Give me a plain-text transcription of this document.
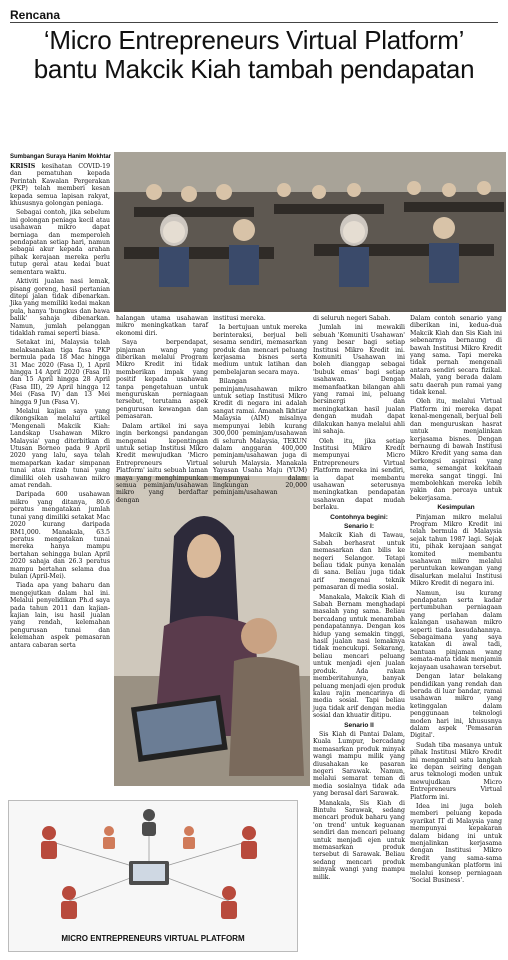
Rencana
‘Micro Entrepreneurs Virtual Platform’ bantu Makcik Kiah tambah pendapatan
Sumbangan Suraya Hanim Mokhtar

KRISIS kesihatan COVID-19 dan pematuhan kepada Perintah Kawalan Pergerakan (PKP) telah memberi kesan kepada semua lapisan rakyat, khususnya golongan peniaga.

Sebagai contoh, jika sebelum ini golongan peniaga kecil atau usahawan mikro dapat berniaga dan memperoleh pendapatan setiap hari, namun sebagai akur kepada arahan pihak kerajaan mereka perlu tutup gerai atau kedai buat sementara waktu.

Aktiviti jualan nasi lemak, pisang goreng, hasil pertanian ditepi jalan tidak dibenarkan. Jika yang memiliki kedai makan pula, hanya 'bungkus dan bawa balik' sahaja dibenarkan. Namun, jumlah pelanggan tidaklah ramai seperti biasa.

Setakat ini, Malaysia telah melaksanakan tiga fasa PKP bermula pada 18 Mac hingga 31 Mac 2020 (Fasa I), 1 April hingga 14 April 2020 (Fasa II) dan 15 April hingga 28 April (Fasa III), 29 April hingga 12 Mei (Fasa IV) dan 13 Mei hingga 9 Jun (Fasa V).

Melalui kajian saya yang dikongsikan melalui artikel 'Mengenali Makcik Kiah: Landskap Usahawan Mikro Malaysia' yang diterbitkan di Utusan Borneo pada 9 April 2020 yang lalu, saya telah memaparkan kadar simpanan tunai atau rizab tunai yang dimiliki oleh usahawan mikro amat rendah.

Daripada 600 usahawan mikro yang ditanya, 80.6 peratus mengatakan jumlah tunai yang dimiliki setakat Mac 2020 kurang daripada RM1,000. Manakala, 63.5 peratus mengatakan tunai mereka hanya mampu bertahan sehingga bulan April 2020 sahaja dan 26.3 peratus mampu bertahan selama dua bulan (April-Mei).

Tiada apa yang baharu dan mengejutkan dalam hal ini. Melalui penyelidikan Ph.d saya pada tahun 2011 dan kajian-kajian lain, isu hasil jualan yang rendah, kelemahan pengurusan tunai dan kelemahan aspek pemasaran antara cabaran serta

halangan utama usahawan mikro meningkatkan taraf ekonomi diri.

Saya berpendapat, pinjaman wang yang diberikan melalui Program Mikro Kredit ini tidak memberikan impak yang positif kepada usahawan tanpa pengetahuan untuk menguruskan perniagaan tersebut, terutama aspek pengurusan kewangan dan pemasaran.

Dalam artikel ini saya ingin berkongsi pandangan mengenai kepentingan untuk setiap Institusi Mikro Kredit mewujudkan 'Micro Entrepreneurs Virtual Platform' iaitu sebuah laman maya yang menghimpunkan semua peminjam/usahawan mikro yang berdaftar dengan

institusi mereka.

Ia bertujuan untuk mereka berinteraksi, berjual beli sesama sendiri, memasarkan produk dan mencari peluang kerjasama bisnes serta medium untuk latihan dan pembelajaran secara maya.

Bilangan peminjam/usahawan mikro untuk setiap Institusi Mikro Kredit di negara ini adalah sangat ramai. Amanah Ikhtiar Malaysia (AIM) misalnya mempunyai lebih kurang 300,000 peminjam/usahawan di seluruh Malaysia, TEKUN dalam anggaran 400,000 peminjam/usahawan juga di seluruh Malaysia. Manakala Yayasan Usaha Maju (YUM) mempunyai dalam lingkungan 20,000 peminjam/usahawan

di seluruh negeri Sabah.

Jumlah ini mewakili sebuah 'Komuniti Usahawan' yang besar bagi setiap Institusi Mikro Kredit ini. Komuniti Usahawan ini boleh dianggap sebagai 'bubuk emas' bagi setiap usahawan. Dengan memanfaatkan bilangan ahli yang ramai ini, peluang bersinergi dan meningkatkan hasil jualan dengan mudah dapat dilakukan hanya melalui ahli ini sahaja.

Oleh itu, jika setiap Institusi Mikro Kredit mempunyai Micro Entrepreneurs Virtual Platform mereka ini sendiri, ia dapat membantu usahawan seterusnya meningkatkan pendapatan usahawan dapat mudah berlaku.

Contohnya begini:

Senario I:

Makcik Kiah di Tawau, Sabah berhasrat untuk memasarkan dan bilis ke negeri Selangor. Tetapi beliau tidak punya kenalan di sana. Beliau juga tidak arif mengenai teknik pemasaran di media sosial.

Manakala, Makcik Kiah di Sabah Bernam menghadapi masalah yang sama. Beliau bercadang untuk menambah pendapatannya. Dengan kos hidup yang semakin tinggi, hasil jualan nasi lemaknya tidak mencukupi. Sekarang, beliau mencari peluang untuk menjadi ejen jualan produk. Ada rakan memberitahunya, banyak peluang menjadi ejen produk kalau rajin mencarinya di media sosial. Tapi beliau juga tidak arif dengan media sosial dan khuatir ditipu.

Senario II

Sis Kiah di Pantai Dalam, Kuala Lumpur, bercadang memasarkan produk minyak wangi mampu milik yang diusahakan ke pasaran negeri Sarawak. Namun, melalui semarat teman di media sosialnya tidak ada yang berasal dari Sarawak.

Manakala, Sis Kiah di Bintulu Sarawak, sedang mencari produk baharu yang 'on trend' untuk keguanan sendiri dan mencari peluang untuk menjadi ejen untuk memasarkan produk tersebut di Sarawak. Beliau sedang mencari produk minyak wangi yang mampu milik.

Dalam contoh senario yang diberikan ini, kedua-dua Makcik Kiah dan Sis Kiah ini sebenarnya bernaung di bawah Institusi Mikro Kredit yang sama. Tapi mereka tidak pernah mengenali antara sendiri secara fizikal. Malah, yang berada dalam satu daerah pun ramai yang tidak kenal.

Oleh itu, melalui Virtual Platform ini mereka dapat kenal-mengenali, berjual beli dan menguruskan hasrat untuk menjalinkan kerjasama bisnes. Dengan bernaung di bawah Institusi Mikro Kredit yang sama dan berkongsi aspirasi yang sama, semangat kekitaan mereka sangat tinggi. Ini membolehkan mereka lebih yakin dan percaya untuk bekerjasama.

Kesimpulan

Pinjaman mikro melalui Program Mikro Kredit ini telah bermula di Malaysia sejak tahun 1987 lagi. Sejak itu, pihak kerajaan sangat komited membantu usahawan mikro melalui peruntukan kewangan yang disalurkan melalui Institusi Mikro Kredit di negara ini.

Namun, isu kurang pendapatan serta kadar pertumbuhan perniagaan yang perlahan dalam kalangan usahawan mikro seperti tiada kesudahannya. Sebagaimana yang saya katakan di awal tadi, bantuan pinjaman wang semata-mata tidak menjamin kejayaan usahawan tersebut.

Dengan latar belakang pendidikan yang rendah dan berada di luar bandar, ramai usahawan mikro yang ketinggalan dalam penggunaan teknologi moden hari ini, khususnya dalam aspek 'Pemasaran Digital'.

Sudah tiba masanya untuk pihak Institusi Mikro Kredit ini mengambil satu langkah ke depan seiring dengan arus teknologi moden untuk mewujudkan Micro Entrepreneurs Virtual Platform ini.

Idea ini juga boleh memberi peluang kepada syarikat IT di Malaysia yang mempunyai kepakaran dalam bidang ini untuk menjalinkan kerjasama dengan Institusi Mikro Kredit yang sama-sama membangunkan platform ini melalui konsep perniagaan 'Social Business'.

MICRO ENTREPRENEURS VIRTUAL PLATFORM
